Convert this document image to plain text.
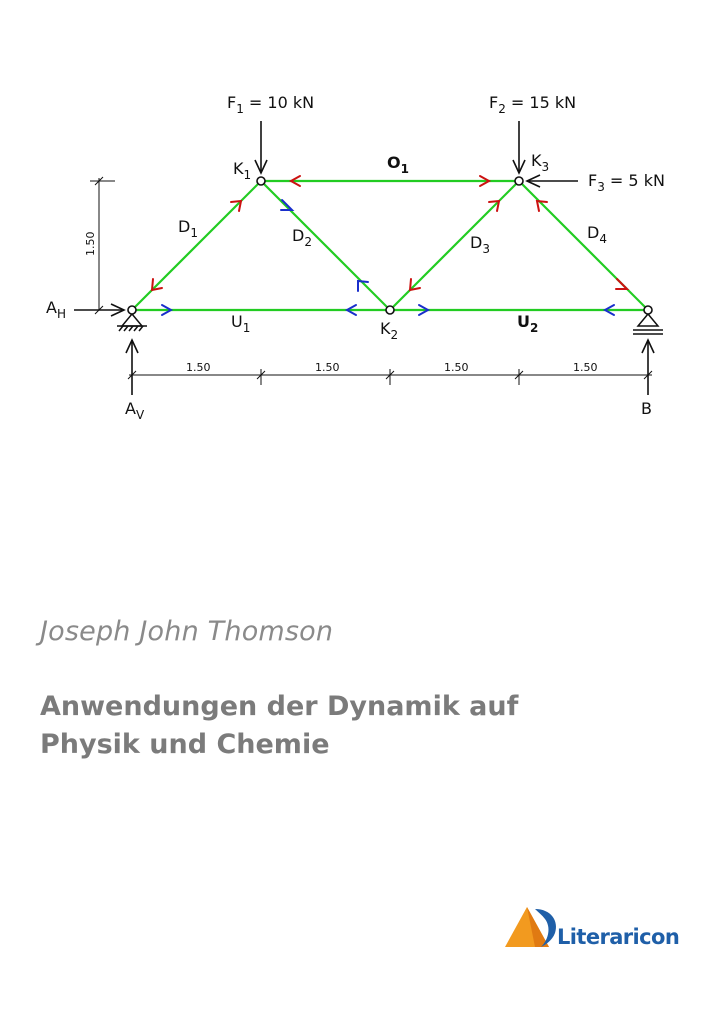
1.50
1.50	1.50	1.50	1.50
$F_1 = 10$ kN	$F_2 = 15$ kN
$F_3 = 5$ kN
$K_1$
$K_3$
$K_2$
$O_1$
$D_1$	$D_2$	$D_3$
$D_4$
$U_1$	$U_2$
$A_H$
$A_V$	B

Joseph John Thomson

Anwendungen der Dynamik auf
Physik und Chemie
Literaricon
